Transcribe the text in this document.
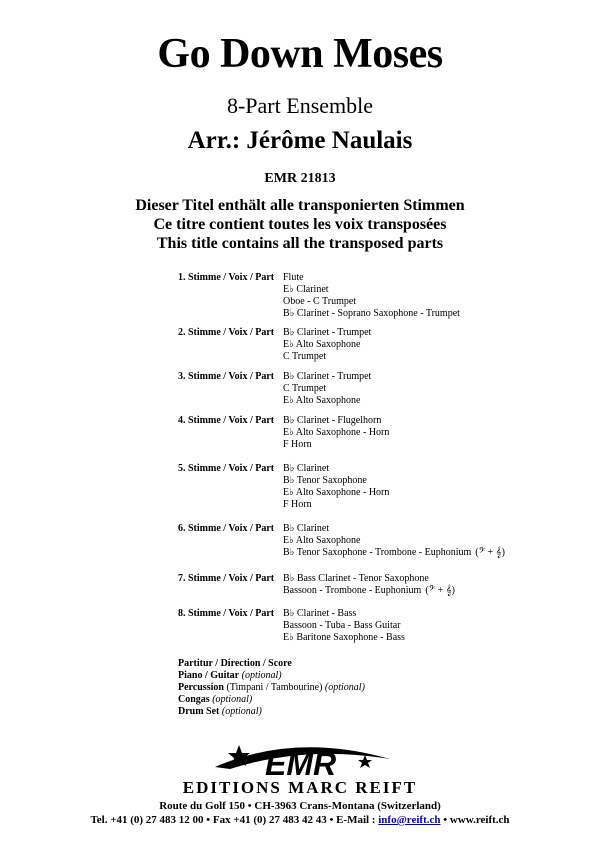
Go Down Moses
8-Part Ensemble
Arr.: Jérôme Naulais
EMR 21813
Dieser Titel enthält alle transponierten Stimmen
Ce titre contient toutes les voix transposées
This title contains all the transposed parts
1. Stimme / Voix / Part Flute
E♭ Clarinet
Oboe - C Trumpet
B♭ Clarinet - Soprano Saxophone - Trumpet
2. Stimme / Voix / Part B♭ Clarinet - Trumpet
E♭ Alto Saxophone
C Trumpet
3. Stimme / Voix / Part B♭ Clarinet - Trumpet
C Trumpet
E♭ Alto Saxophone
4. Stimme / Voix / Part B♭ Clarinet - Flugelhorn
E♭ Alto Saxophone - Horn
F Horn
5. Stimme / Voix / Part B♭ Clarinet
B♭ Tenor Saxophone
E♭ Alto Saxophone - Horn
F Horn
6. Stimme / Voix / Part B♭ Clarinet
E♭ Alto Saxophone
B♭ Tenor Saxophone - Trombone - Euphonium (𝄢 + 𝄞)
7. Stimme / Voix / Part B♭ Bass Clarinet - Tenor Saxophone
Bassoon - Trombone - Euphonium (𝄢 + 𝄞)
8. Stimme / Voix / Part B♭ Clarinet - Bass
Bassoon - Tuba - Bass Guitar
E♭ Baritone Saxophone - Bass
Partitur / Direction / Score
Piano / Guitar (optional)
Percussion (Timpani / Tambourine) (optional)
Congas (optional)
Drum Set (optional)
EMR
EDITIONS MARC REIFT
Route du Golf 150 • CH-3963 Crans-Montana (Switzerland)
Tel. +41 (0) 27 483 12 00 • Fax +41 (0) 27 483 42 43 • E-Mail : info@reift.ch • www.reift.ch
